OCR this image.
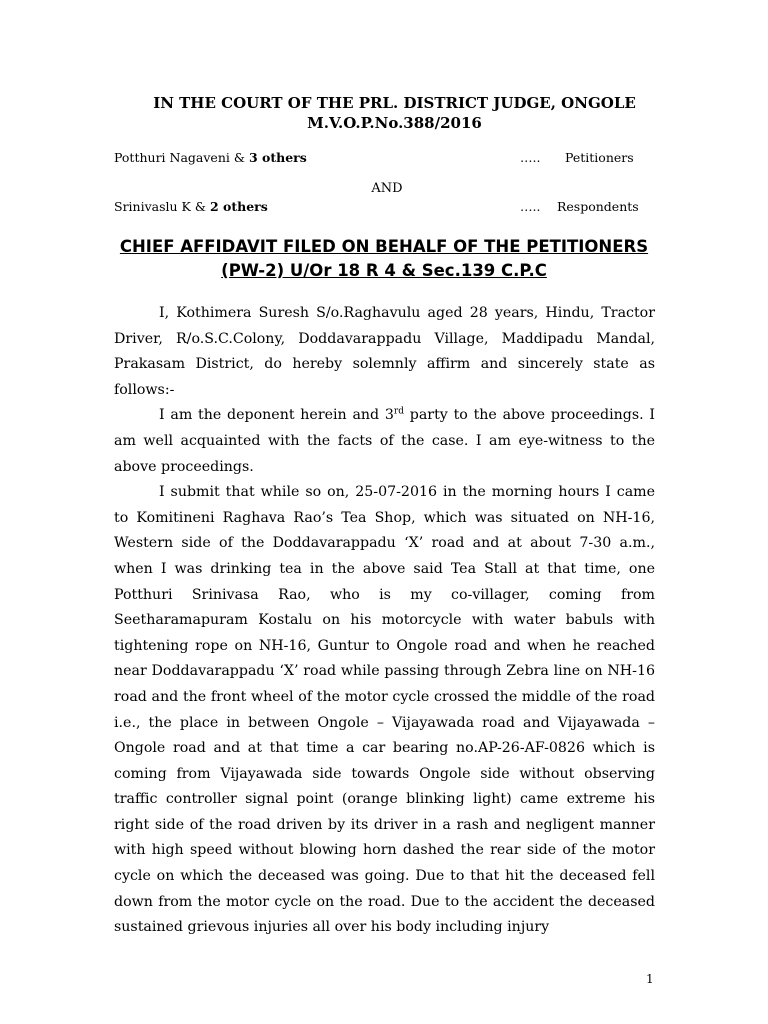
IN THE COURT OF THE PRL. DISTRICT JUDGE, ONGOLE
M.V.O.P.No.388/2016
Potthuri Nagaveni & 3 others	….. Petitioners
AND
Srinivaslu K & 2 others	….. Respondents
CHIEF AFFIDAVIT FILED ON BEHALF OF THE PETITIONERS
(PW-2) U/Or 18 R 4 & Sec.139 C.P.C

I, Kothimera Suresh S/o.Raghavulu aged 28 years, Hindu, Tractor Driver, R/o.S.C.Colony, Doddavarappadu Village, Maddipadu Mandal, Prakasam District, do hereby solemnly affirm and sincerely state as follows:-

I am the deponent herein and 3rd party to the above proceedings. I am well acquainted with the facts of the case. I am eye-witness to the above proceedings.

I submit that while so on, 25-07-2016 in the morning hours I came to Komitineni Raghava Rao’s Tea Shop, which was situated on NH-16, Western side of the Doddavarappadu ‘X’ road and at about 7-30 a.m., when I was drinking tea in the above said Tea Stall at that time, one Potthuri Srinivasa Rao, who is my co-villager, coming from Seetharamapuram Kostalu on his motorcycle with water babuls with tightening rope on NH-16, Guntur to Ongole road and when he reached near Doddavarappadu ‘X’ road while passing through Zebra line on NH-16 road and the front wheel of the motor cycle crossed the middle of the road i.e., the place in between Ongole – Vijayawada road and Vijayawada – Ongole road and at that time a car bearing no.AP-26-AF-0826 which is coming from Vijayawada side towards Ongole side without observing traffic controller signal point (orange blinking light) came extreme his right side of the road driven by its driver in a rash and negligent manner with high speed without blowing horn dashed the rear side of the motor cycle on which the deceased was going. Due to that hit the deceased fell down from the motor cycle on the road. Due to the accident the deceased sustained grievous injuries all over his body including injury

1
